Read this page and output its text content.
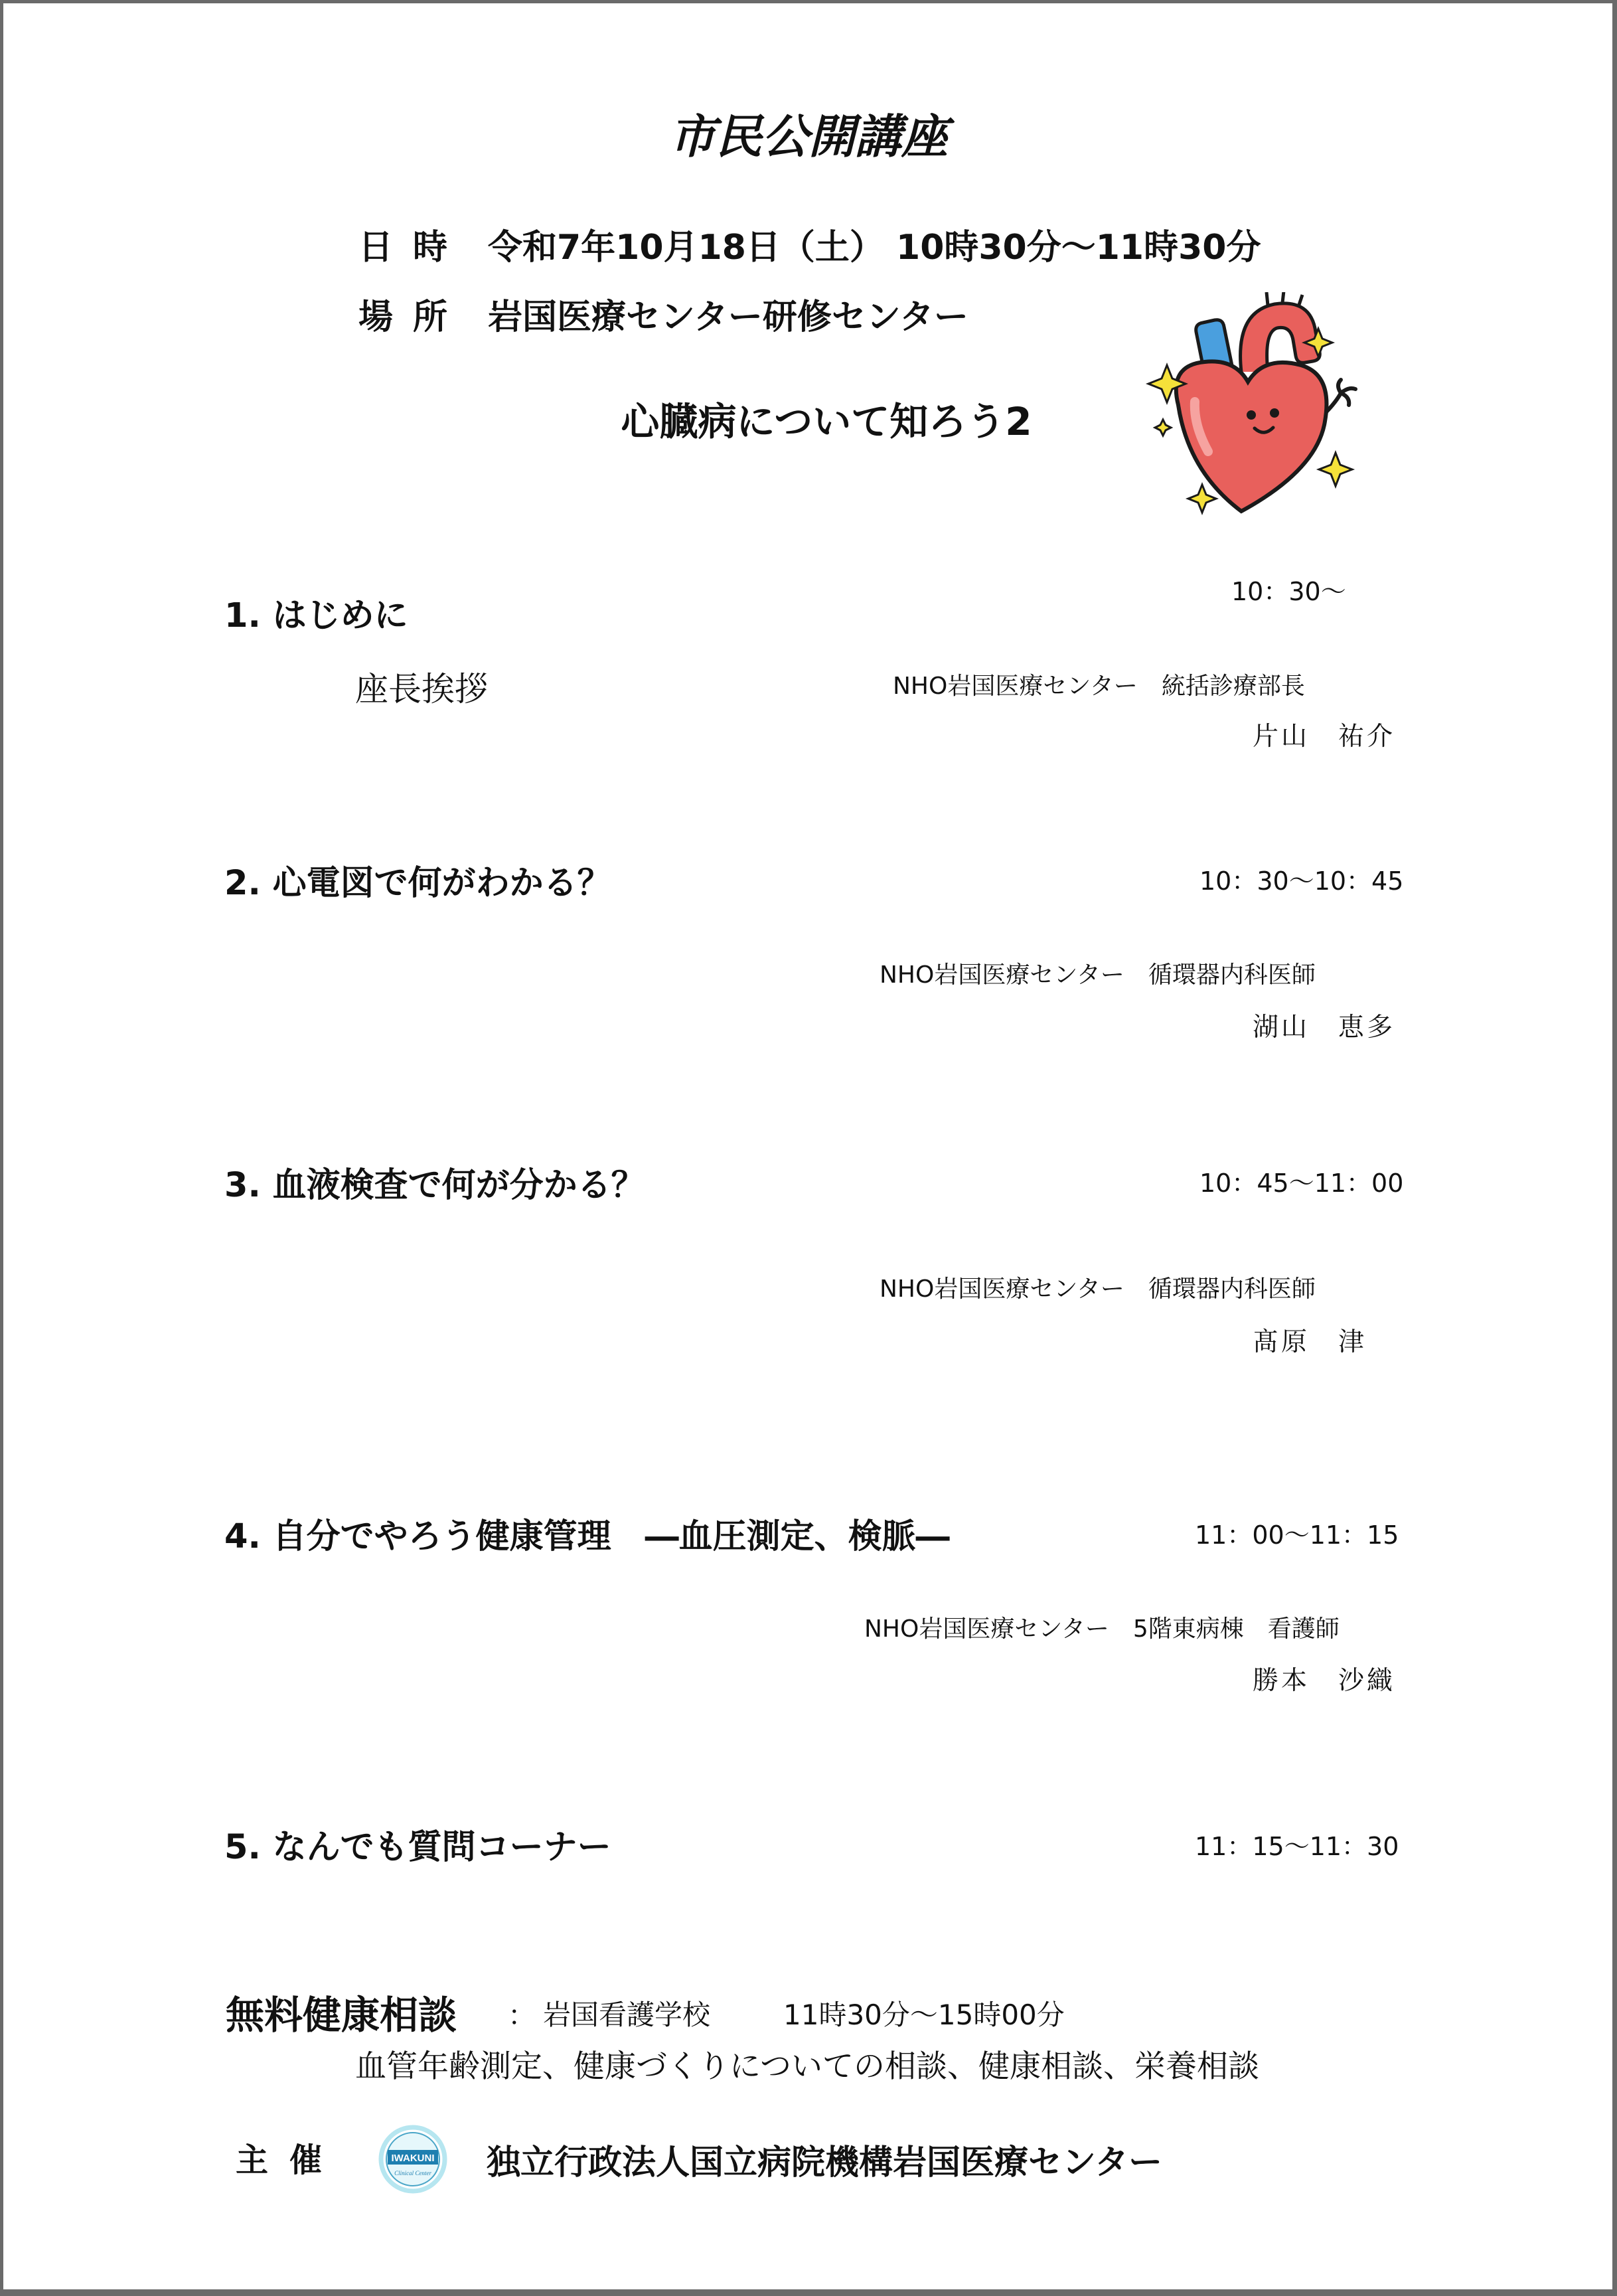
市民公開講座
日時 令和7年10月18日（土） 10時30分～11時30分
場所 岩国医療センター研修センター
心臓病について知ろう2
1. はじめに
10：30～
座長挨拶	NHO岩国医療センター　統括診療部長
片山　祐介
2. 心電図で何がわかる？	10：30～10：45
NHO岩国医療センター　循環器内科医師
湖山　恵多
3. 血液検査で何が分かる？	10：45～11：00
NHO岩国医療センター　循環器内科医師
髙原　津
4. 自分でやろう健康管理　―血圧測定、検脈―	11：00～11：15
NHO岩国医療センター　5階東病棟　看護師
勝本　沙織
5. なんでも質問コーナー	11：15～11：30
無料健康相談 ： 岩国看護学校	11時30分～15時00分
血管年齢測定、健康づくりについての相談、健康相談、栄養相談
主催	IWAKUNI
Clinical Center 独立行政法人国立病院機構岩国医療センター
